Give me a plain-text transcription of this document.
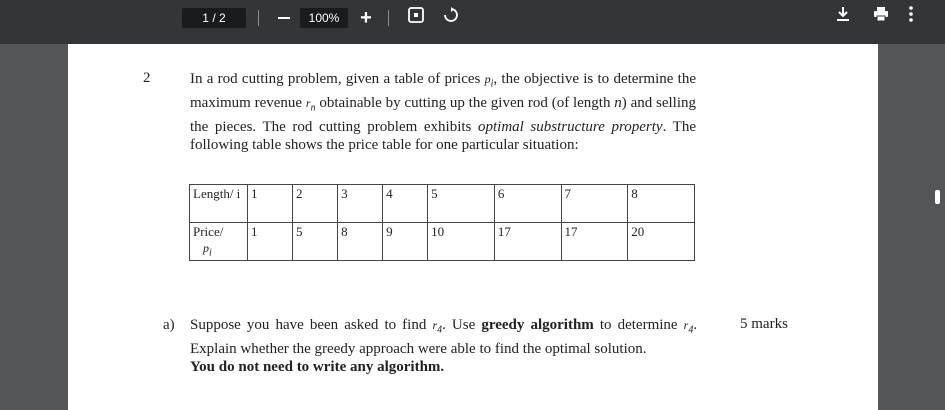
1 / 2	100%	+
2	In a rod cutting problem, given a table of prices $p_i$, the objective is to determine the maximum revenue $r_n$ obtainable by cutting up the given rod (of length n) and selling the pieces. The rod cutting problem exhibits optimal substructure property. The following table shows the price table for one particular situation:
Length/ i	1	2	3	4	5	6	7	8
Price/
$p_i$	1	5	8	9	10	17	17	20
a) Suppose you have been asked to find $r_4$. Use greedy algorithm to determine $r_4$. Explain whether the greedy approach were able to find the optimal solution.
You do not need to write any algorithm.
5 marks
